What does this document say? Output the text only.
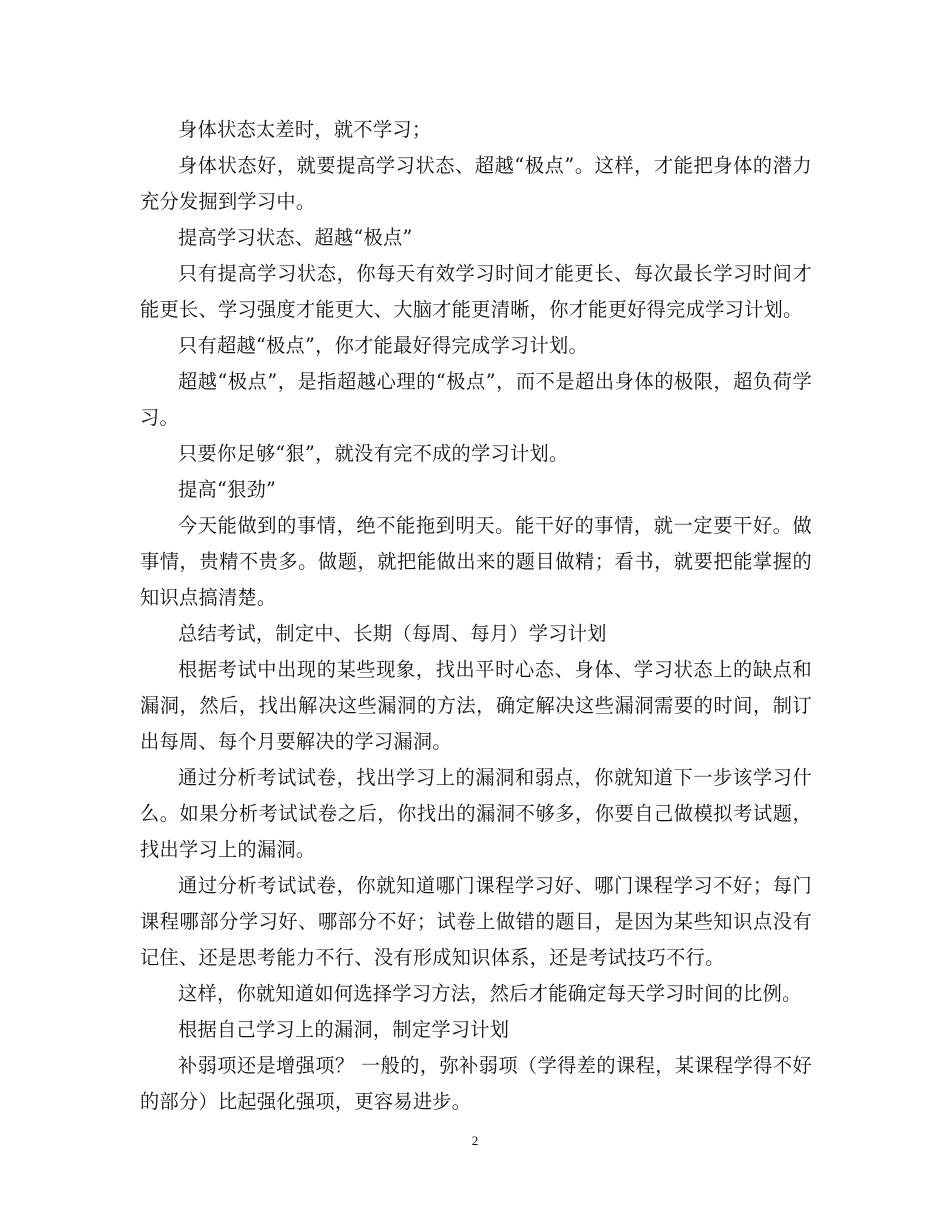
身体状态太差时，就不学习；

身体状态好，就要提高学习状态、超越“极点”。这样，才能把身体的潜力充分发掘到学习中。

提高学习状态、超越“极点”

只有提高学习状态，你每天有效学习时间才能更长、每次最长学习时间才能更长、学习强度才能更大、大脑才能更清晰，你才能更好得完成学习计划。

只有超越“极点”，你才能最好得完成学习计划。

超越“极点”，是指超越心理的“极点”，而不是超出身体的极限，超负荷学习。

只要你足够“狠”，就没有完不成的学习计划。

提高“狠劲”

今天能做到的事情，绝不能拖到明天。能干好的事情，就一定要干好。做事情，贵精不贵多。做题，就把能做出来的题目做精；看书，就要把能掌握的知识点搞清楚。

总结考试，制定中、长期（每周、每月）学习计划

根据考试中出现的某些现象，找出平时心态、身体、学习状态上的缺点和漏洞，然后，找出解决这些漏洞的方法，确定解决这些漏洞需要的时间，制订出每周、每个月要解决的学习漏洞。

通过分析考试试卷，找出学习上的漏洞和弱点，你就知道下一步该学习什么。如果分析考试试卷之后，你找出的漏洞不够多，你要自己做模拟考试题，找出学习上的漏洞。

通过分析考试试卷，你就知道哪门课程学习好、哪门课程学习不好；每门课程哪部分学习好、哪部分不好；试卷上做错的题目，是因为某些知识点没有记住、还是思考能力不行、没有形成知识体系，还是考试技巧不行。

这样，你就知道如何选择学习方法，然后才能确定每天学习时间的比例。

根据自己学习上的漏洞，制定学习计划

补弱项还是增强项？ 一般的，弥补弱项（学得差的课程，某课程学得不好的部分）比起强化强项，更容易进步。

2
